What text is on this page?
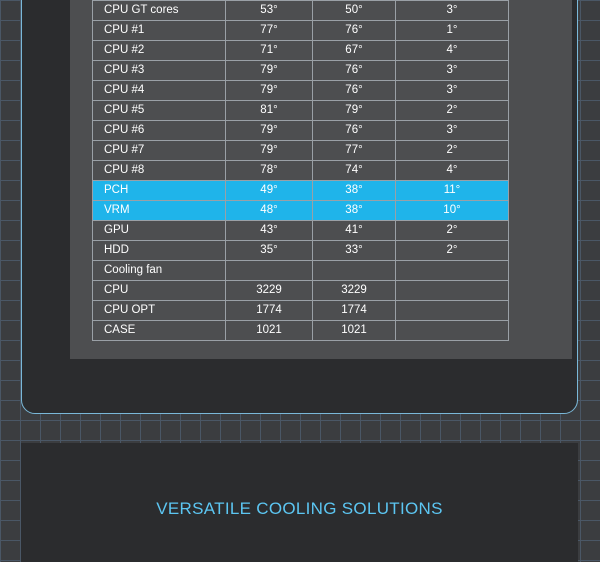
CPU GT cores	53°	50°	3°
CPU #1	77°	76°	1°
CPU #2	71°	67°	4°
CPU #3	79°	76°	3°
CPU #4	79°	76°	3°
CPU #5	81°	79°	2°
CPU #6	79°	76°	3°
CPU #7	79°	77°	2°
CPU #8	78°	74°	4°
PCH	49°	38°	11°
VRM	48°	38°	10°
GPU	43°	41°	2°
HDD	35°	33°	2°
Cooling fan			
CPU	3229	3229	
CPU OPT	1774	1774	
CASE	1021	1021	
VERSATILE COOLING SOLUTIONS
